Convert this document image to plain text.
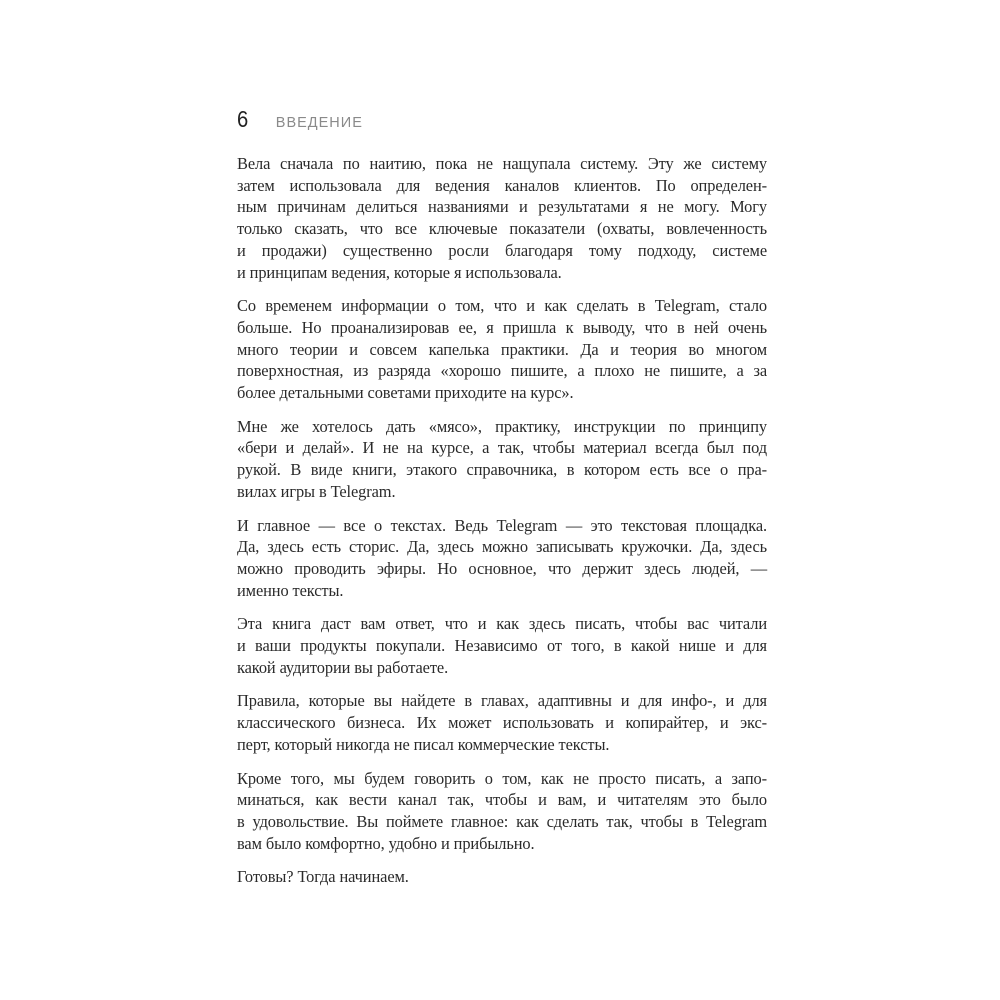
6 ВВЕДЕНИЕ

Вела сначала по наитию, пока не нащупала систему. Эту же систему
затем использовала для ведения каналов клиентов. По определен-
ным причинам делиться названиями и результатами я не могу. Могу
только сказать, что все ключевые показатели (охваты, вовлеченность
и продажи) существенно росли благодаря тому подходу, системе
и принципам ведения, которые я использовала.

Со временем информации о том, что и как сделать в Telegram, стало
больше. Но проанализировав ее, я пришла к выводу, что в ней очень
много теории и совсем капелька практики. Да и теория во многом
поверхностная, из разряда «хорошо пишите, а плохо не пишите, а за
более детальными советами приходите на курс».

Мне же хотелось дать «мясо», практику, инструкции по принципу
«бери и делай». И не на курсе, а так, чтобы материал всегда был под
рукой. В виде книги, этакого справочника, в котором есть все о пра-
вилах игры в Telegram.

И главное — все о текстах. Ведь Telegram — это текстовая площадка.
Да, здесь есть сторис. Да, здесь можно записывать кружочки. Да, здесь
можно проводить эфиры. Но основное, что держит здесь людей, —
именно тексты.

Эта книга даст вам ответ, что и как здесь писать, чтобы вас читали
и ваши продукты покупали. Независимо от того, в какой нише и для
какой аудитории вы работаете.

Правила, которые вы найдете в главах, адаптивны и для инфо-, и для
классического бизнеса. Их может использовать и копирайтер, и экс-
перт, который никогда не писал коммерческие тексты.

Кроме того, мы будем говорить о том, как не просто писать, а запо-
минаться, как вести канал так, чтобы и вам, и читателям это было
в удовольствие. Вы поймете главное: как сделать так, чтобы в Telegram
вам было комфортно, удобно и прибыльно.

Готовы? Тогда начинаем.
